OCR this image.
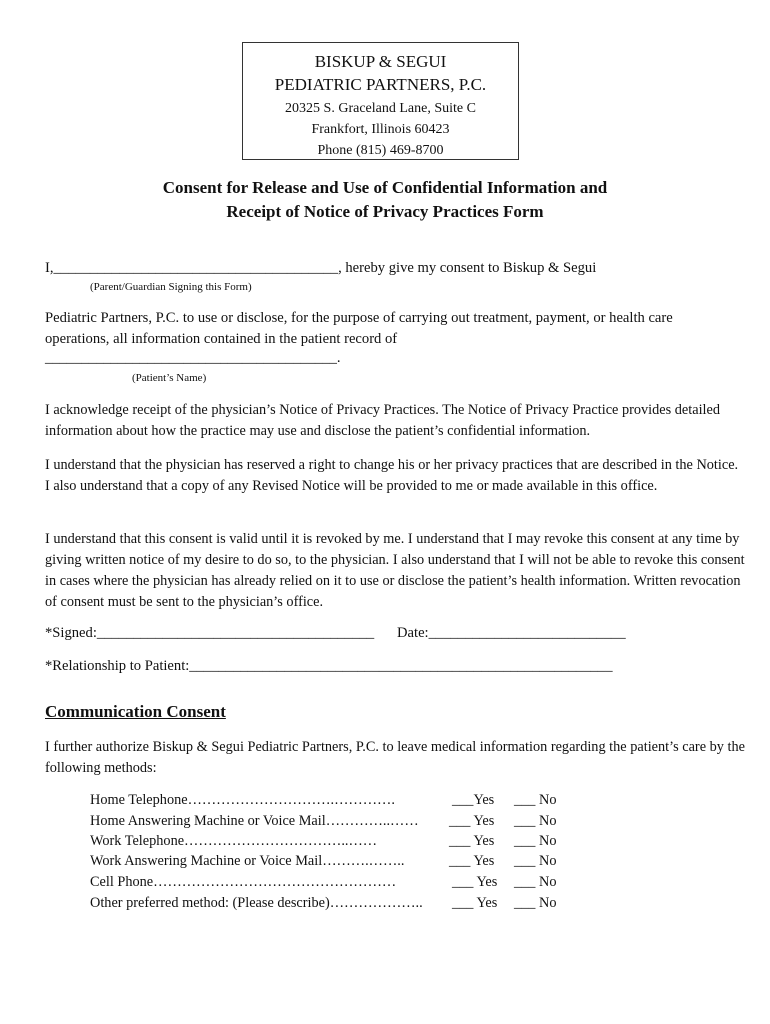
BISKUP & SEGUI
PEDIATRIC PARTNERS, P.C.
20325 S. Graceland Lane, Suite C
Frankfort, Illinois 60423
Phone (815) 469-8700
Consent for Release and Use of Confidential Information and
Receipt of Notice of Privacy Practices Form
I,_______________________________________, hereby give my consent to Biskup & Segui
(Parent/Guardian Signing this Form)
Pediatric Partners, P.C. to use or disclose, for the purpose of carrying out treatment, payment, or health care
operations, all information contained in the patient record of
________________________________________.
(Patient’s Name)
I acknowledge receipt of the physician’s Notice of Privacy Practices. The Notice of Privacy Practice provides detailed information about how the practice may use and disclose the patient’s confidential information.
I understand that the physician has reserved a right to change his or her privacy practices that are described in the Notice. I also understand that a copy of any Revised Notice will be provided to me or made available in this office.
I understand that this consent is valid until it is revoked by me. I understand that I may revoke this consent at any time by giving written notice of my desire to do so, to the physician. I also understand that I will not be able to revoke this consent in cases where the physician has already relied on it to use or disclose the patient’s health information. Written revocation of consent must be sent to the physician’s office.
*Signed:______________________________________ Date:___________________________
*Relationship to Patient:__________________________________________________________
Communication Consent
I further authorize Biskup & Segui Pediatric Partners, P.C. to leave medical information regarding the patient’s care by the following methods:
Home Telephone………………………….………….	___Yes ___ No
Home Answering Machine or Voice Mail…………..…… ___ Yes ___ No
Work Telephone……………………………..……	___ Yes ___ No
Work Answering Machine or Voice Mail……….……..	___ Yes ___ No
Cell Phone……………………………………………	___ Yes ___ No
Other preferred method: (Please describe)……………….. ___ Yes ___ No
